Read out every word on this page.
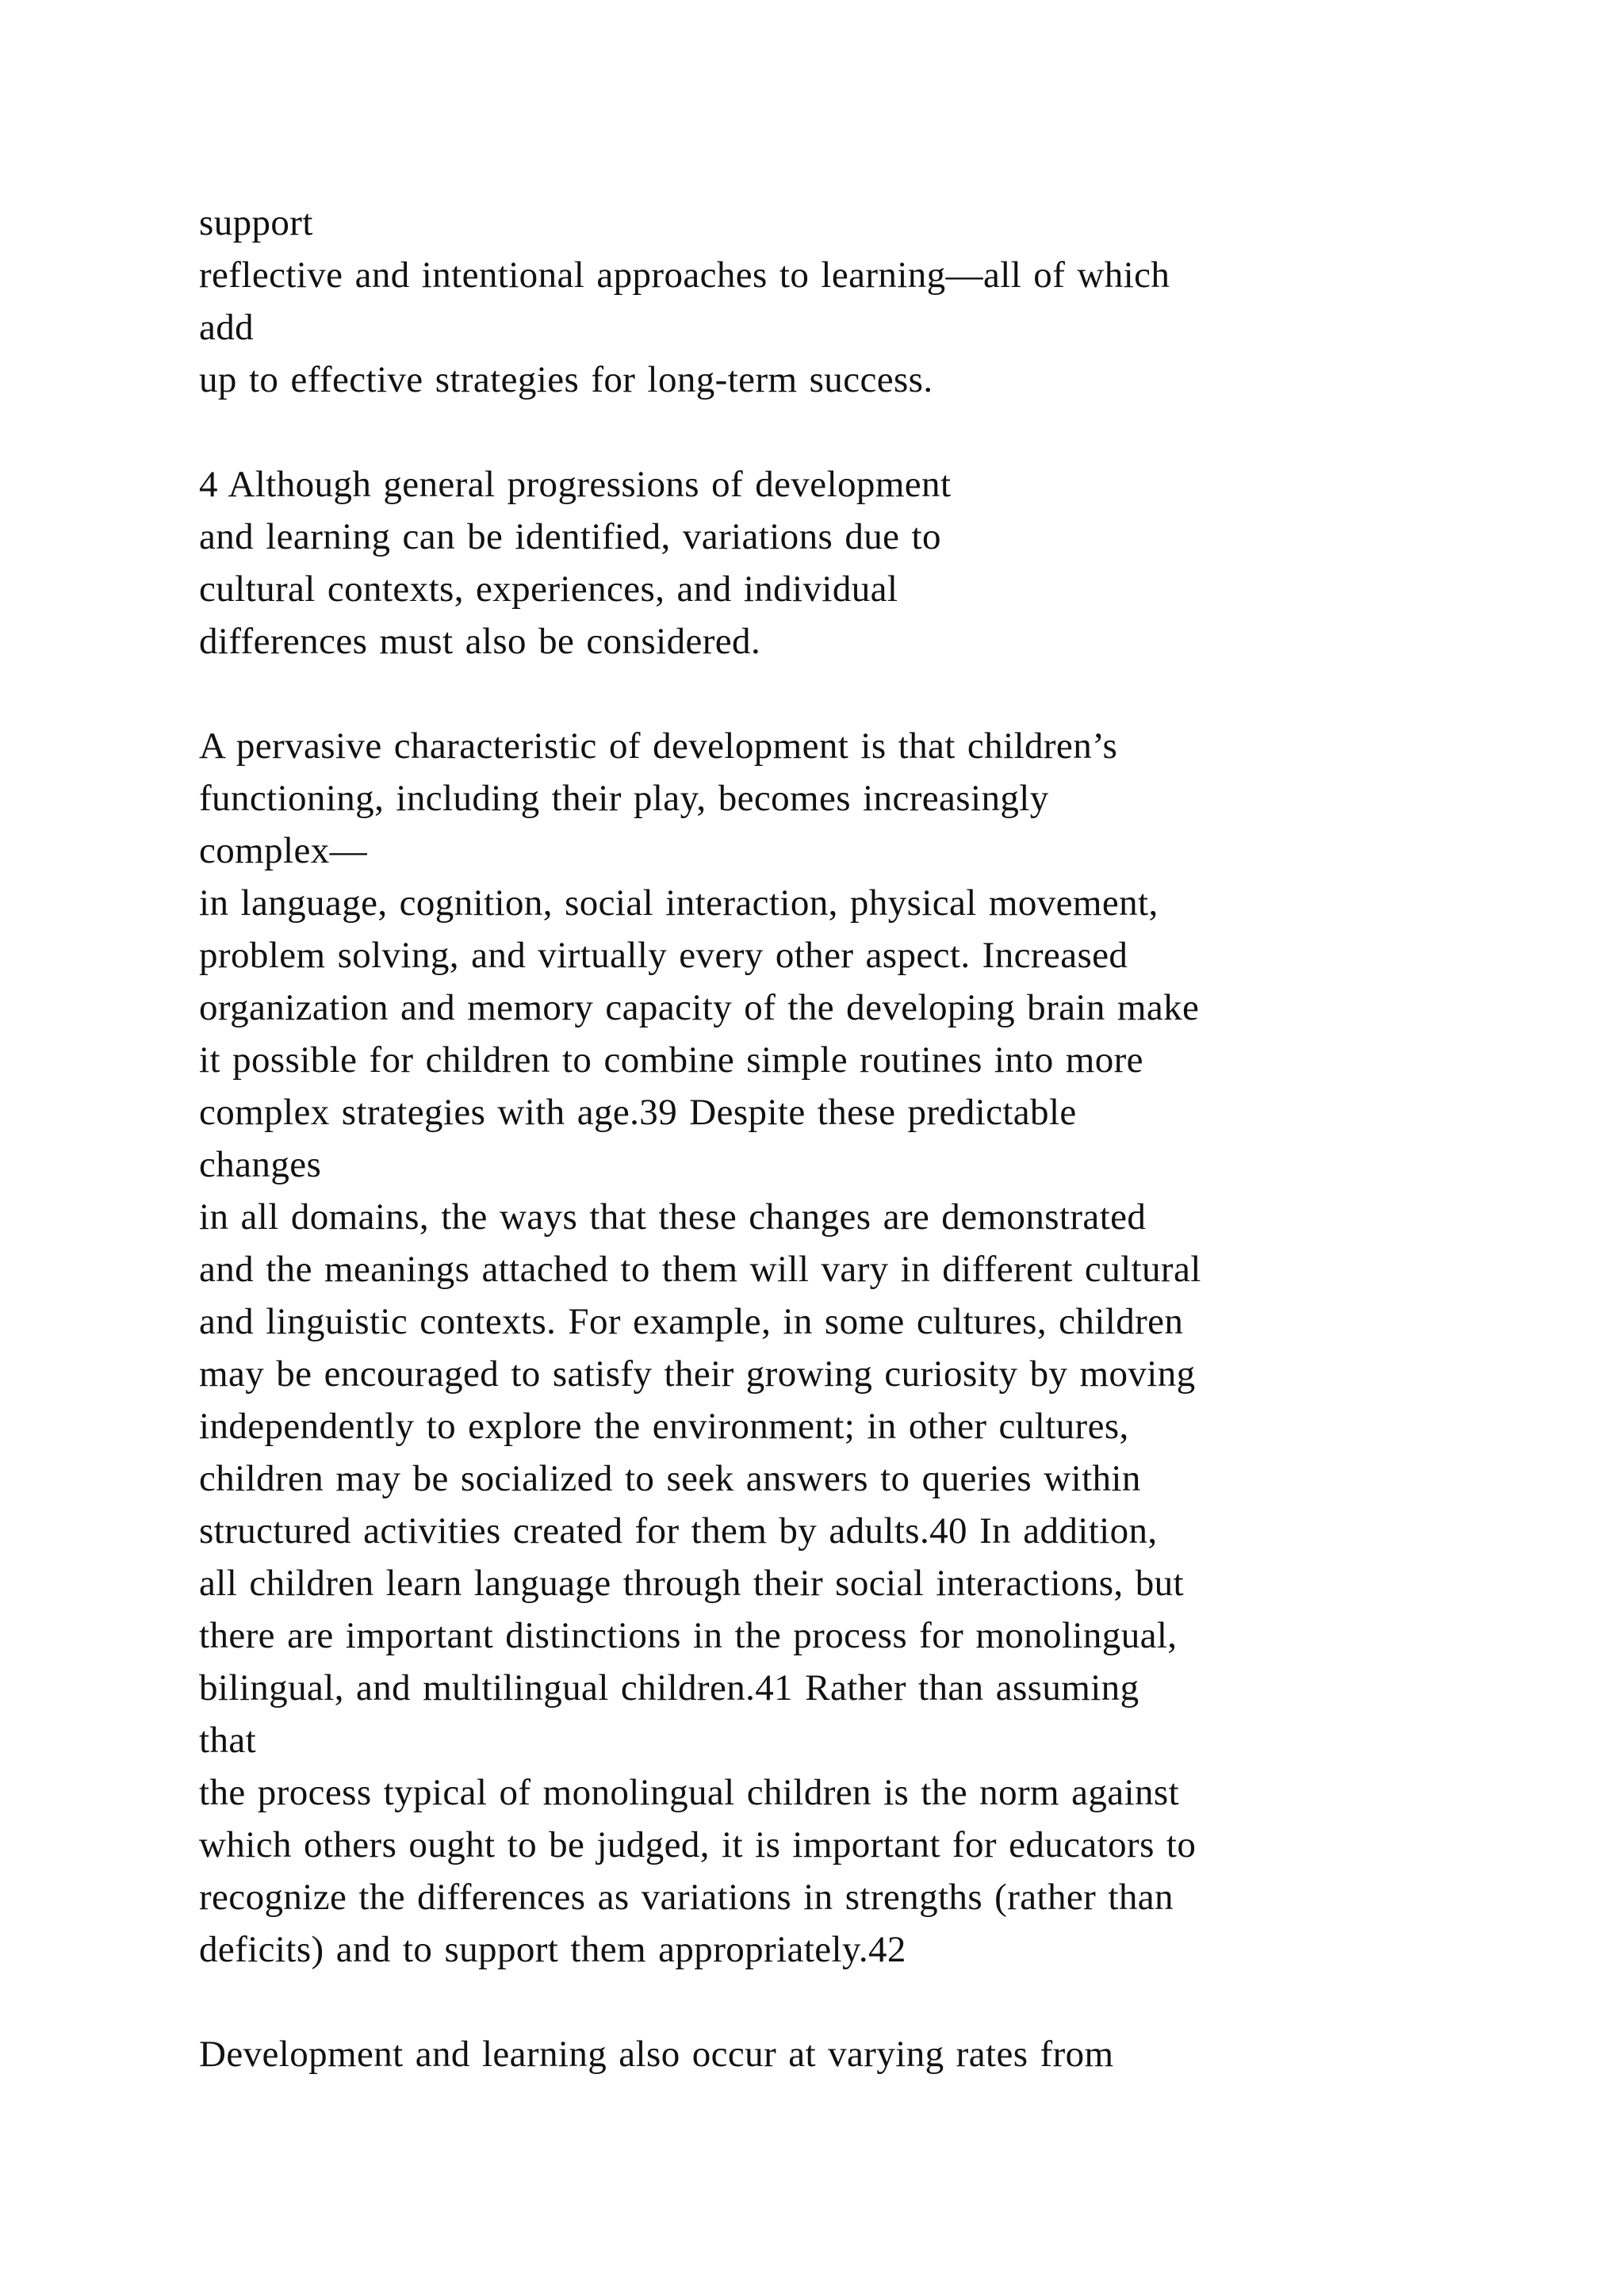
support
reflective and intentional approaches to learning—all of which
add
up to effective strategies for long-term success.
4 Although general progressions of development
and learning can be identified, variations due to
cultural contexts, experiences, and individual
differences must also be considered.
A pervasive characteristic of development is that children’s
functioning, including their play, becomes increasingly
complex—
in language, cognition, social interaction, physical movement,
problem solving, and virtually every other aspect. Increased
organization and memory capacity of the developing brain make
it possible for children to combine simple routines into more
complex strategies with age.39 Despite these predictable
changes
in all domains, the ways that these changes are demonstrated
and the meanings attached to them will vary in different cultural
and linguistic contexts. For example, in some cultures, children
may be encouraged to satisfy their growing curiosity by moving
independently to explore the environment; in other cultures,
children may be socialized to seek answers to queries within
structured activities created for them by adults.40 In addition,
all children learn language through their social interactions, but
there are important distinctions in the process for monolingual,
bilingual, and multilingual children.41 Rather than assuming
that
the process typical of monolingual children is the norm against
which others ought to be judged, it is important for educators to
recognize the differences as variations in strengths (rather than
deficits) and to support them appropriately.42
Development and learning also occur at varying rates from
